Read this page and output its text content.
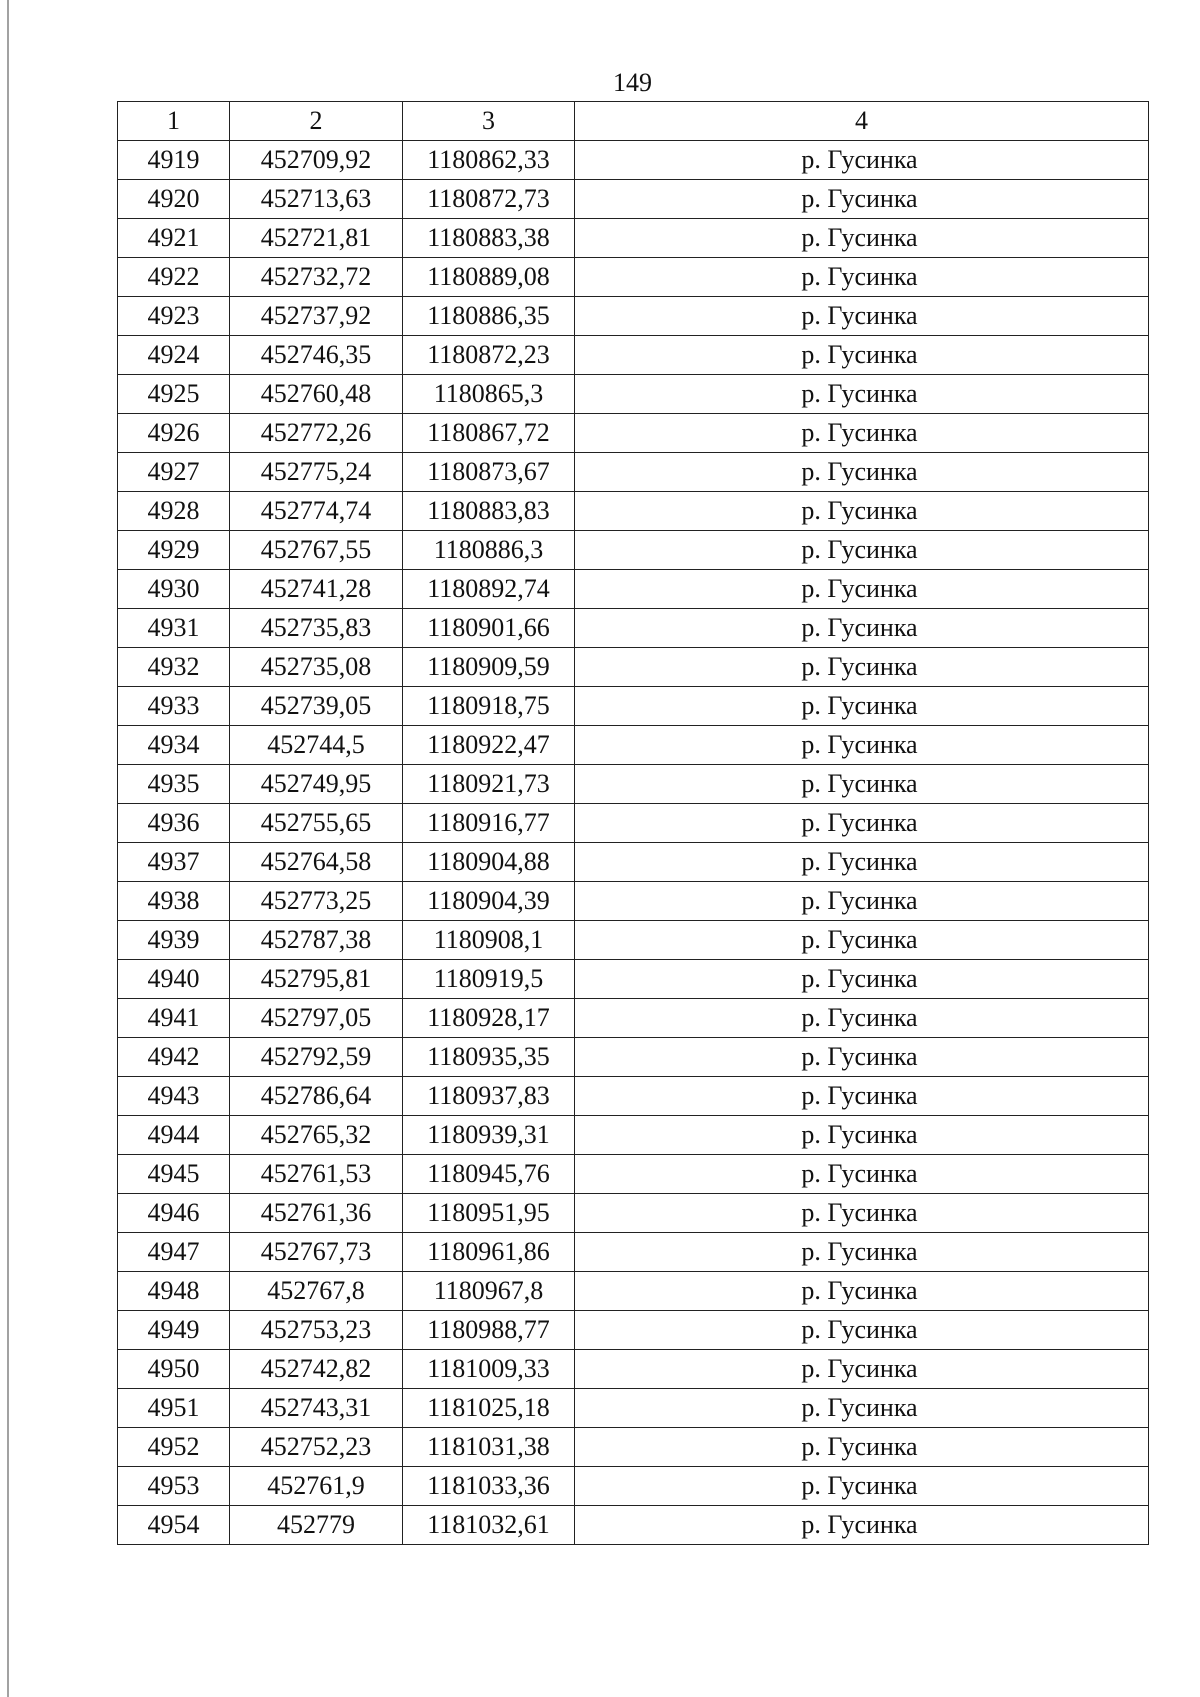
149
1	2	3	4
4919	452709,92	1180862,33	р. Гусинка
4920	452713,63	1180872,73	р. Гусинка
4921	452721,81	1180883,38	р. Гусинка
4922	452732,72	1180889,08	р. Гусинка
4923	452737,92	1180886,35	р. Гусинка
4924	452746,35	1180872,23	р. Гусинка
4925	452760,48	1180865,3	р. Гусинка
4926	452772,26	1180867,72	р. Гусинка
4927	452775,24	1180873,67	р. Гусинка
4928	452774,74	1180883,83	р. Гусинка
4929	452767,55	1180886,3	р. Гусинка
4930	452741,28	1180892,74	р. Гусинка
4931	452735,83	1180901,66	р. Гусинка
4932	452735,08	1180909,59	р. Гусинка
4933	452739,05	1180918,75	р. Гусинка
4934	452744,5	1180922,47	р. Гусинка
4935	452749,95	1180921,73	р. Гусинка
4936	452755,65	1180916,77	р. Гусинка
4937	452764,58	1180904,88	р. Гусинка
4938	452773,25	1180904,39	р. Гусинка
4939	452787,38	1180908,1	р. Гусинка
4940	452795,81	1180919,5	р. Гусинка
4941	452797,05	1180928,17	р. Гусинка
4942	452792,59	1180935,35	р. Гусинка
4943	452786,64	1180937,83	р. Гусинка
4944	452765,32	1180939,31	р. Гусинка
4945	452761,53	1180945,76	р. Гусинка
4946	452761,36	1180951,95	р. Гусинка
4947	452767,73	1180961,86	р. Гусинка
4948	452767,8	1180967,8	р. Гусинка
4949	452753,23	1180988,77	р. Гусинка
4950	452742,82	1181009,33	р. Гусинка
4951	452743,31	1181025,18	р. Гусинка
4952	452752,23	1181031,38	р. Гусинка
4953	452761,9	1181033,36	р. Гусинка
4954	452779	1181032,61	р. Гусинка
